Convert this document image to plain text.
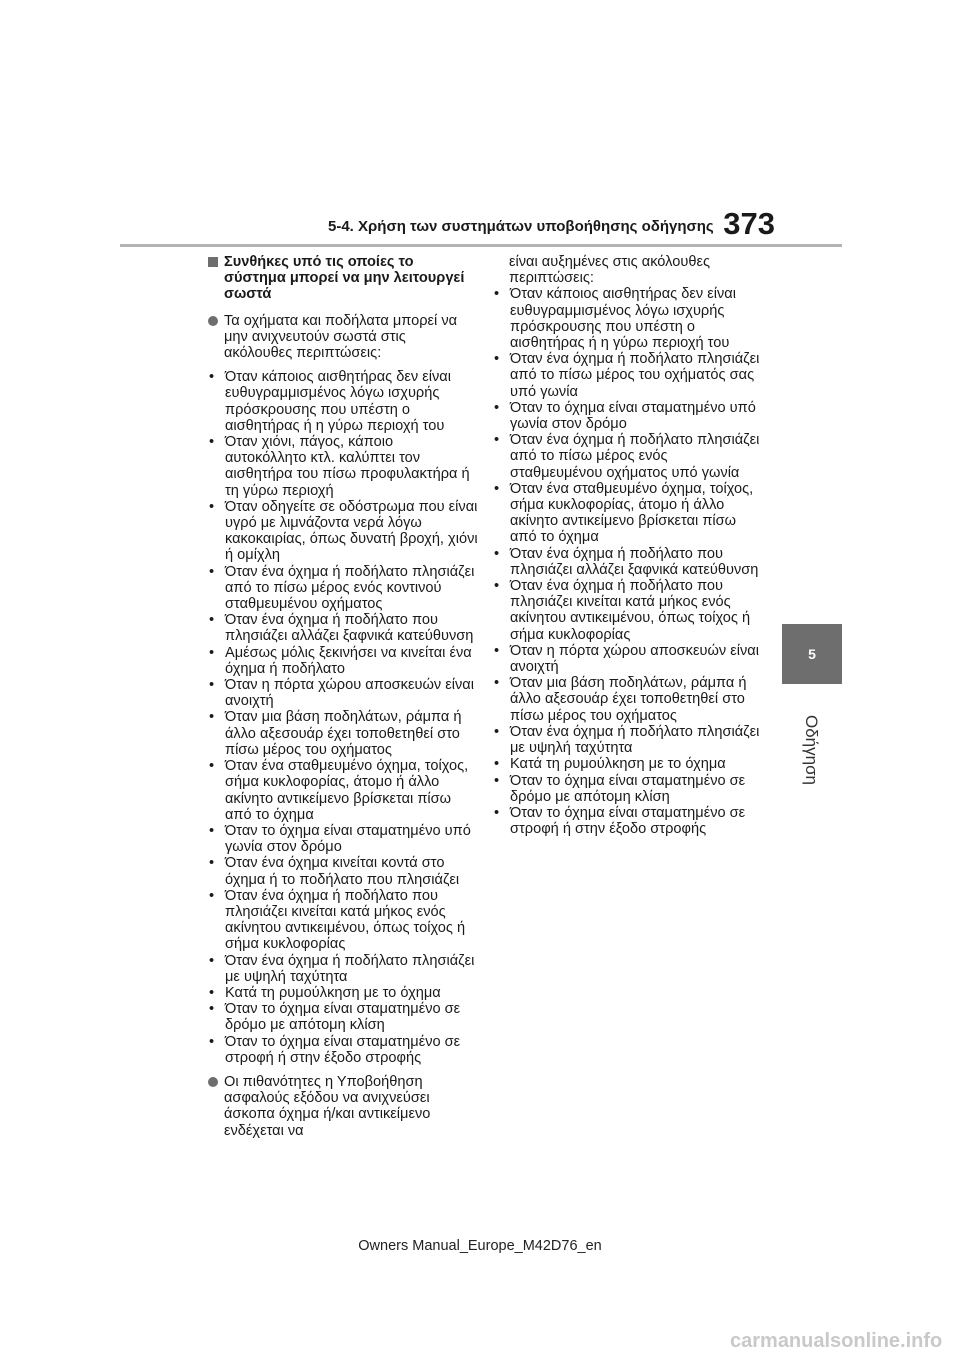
5-4. Χρήση των συστημάτων υποβοήθησης οδήγησης 373
5
Οδήγηση
Συνθήκες υπό τις οποίες το σύστημα μπορεί να μην λειτουργεί σωστά
Τα οχήματα και ποδήλατα μπορεί να μην ανιχνευτούν σωστά στις ακόλουθες περιπτώσεις:
• Όταν κάποιος αισθητήρας δεν είναι ευθυγραμμισμένος λόγω ισχυρής πρόσκρουσης που υπέστη ο αισθητήρας ή η γύρω περιοχή του
• Όταν χιόνι, πάγος, κάποιο αυτοκόλλητο κτλ. καλύπτει τον αισθητήρα του πίσω προφυλακτήρα ή τη γύρω περιοχή
• Όταν οδηγείτε σε οδόστρωμα που είναι υγρό με λιμνάζοντα νερά λόγω κακοκαιρίας, όπως δυνατή βροχή, χιόνι ή ομίχλη
• Όταν ένα όχημα ή ποδήλατο πλησιάζει από το πίσω μέρος ενός κοντινού σταθμευμένου οχήματος
• Όταν ένα όχημα ή ποδήλατο που πλησιάζει αλλάζει ξαφνικά κατεύθυνση
• Αμέσως μόλις ξεκινήσει να κινείται ένα όχημα ή ποδήλατο
• Όταν η πόρτα χώρου αποσκευών είναι ανοιχτή
• Όταν μια βάση ποδηλάτων, ράμπα ή άλλο αξεσουάρ έχει τοποθετηθεί στο πίσω μέρος του οχήματος
• Όταν ένα σταθμευμένο όχημα, τοίχος, σήμα κυκλοφορίας, άτομο ή άλλο ακίνητο αντικείμενο βρίσκεται πίσω από το όχημα
• Όταν το όχημα είναι σταματημένο υπό γωνία στον δρόμο
• Όταν ένα όχημα κινείται κοντά στο όχημα ή το ποδήλατο που πλησιάζει
• Όταν ένα όχημα ή ποδήλατο που πλησιάζει κινείται κατά μήκος ενός ακίνητου αντικειμένου, όπως τοίχος ή σήμα κυκλοφορίας
• Όταν ένα όχημα ή ποδήλατο πλησιάζει με υψηλή ταχύτητα
• Κατά τη ρυμούλκηση με το όχημα
• Όταν το όχημα είναι σταματημένο σε δρόμο με απότομη κλίση
• Όταν το όχημα είναι σταματημένο σε στροφή ή στην έξοδο στροφής
Οι πιθανότητες η Υποβοήθηση ασφαλούς εξόδου να ανιχνεύσει άσκοπα όχημα ή/και αντικείμενο ενδέχεται να
είναι αυξημένες στις ακόλουθες περιπτώσεις:
• Όταν κάποιος αισθητήρας δεν είναι ευθυγραμμισμένος λόγω ισχυρής πρόσκρουσης που υπέστη ο αισθητήρας ή η γύρω περιοχή του
• Όταν ένα όχημα ή ποδήλατο πλησιάζει από το πίσω μέρος του οχήματός σας υπό γωνία
• Όταν το όχημα είναι σταματημένο υπό γωνία στον δρόμο
• Όταν ένα όχημα ή ποδήλατο πλησιάζει από το πίσω μέρος ενός σταθμευμένου οχήματος υπό γωνία
• Όταν ένα σταθμευμένο όχημα, τοίχος, σήμα κυκλοφορίας, άτομο ή άλλο ακίνητο αντικείμενο βρίσκεται πίσω από το όχημα
• Όταν ένα όχημα ή ποδήλατο που πλησιάζει αλλάζει ξαφνικά κατεύθυνση
• Όταν ένα όχημα ή ποδήλατο που πλησιάζει κινείται κατά μήκος ενός ακίνητου αντικειμένου, όπως τοίχος ή σήμα κυκλοφορίας
• Όταν η πόρτα χώρου αποσκευών είναι ανοιχτή
• Όταν μια βάση ποδηλάτων, ράμπα ή άλλο αξεσουάρ έχει τοποθετηθεί στο πίσω μέρος του οχήματος
• Όταν ένα όχημα ή ποδήλατο πλησιάζει με υψηλή ταχύτητα
• Κατά τη ρυμούλκηση με το όχημα
• Όταν το όχημα είναι σταματημένο σε δρόμο με απότομη κλίση
• Όταν το όχημα είναι σταματημένο σε στροφή ή στην έξοδο στροφής
Owners Manual_Europe_M42D76_en
carmanualsonline.info
